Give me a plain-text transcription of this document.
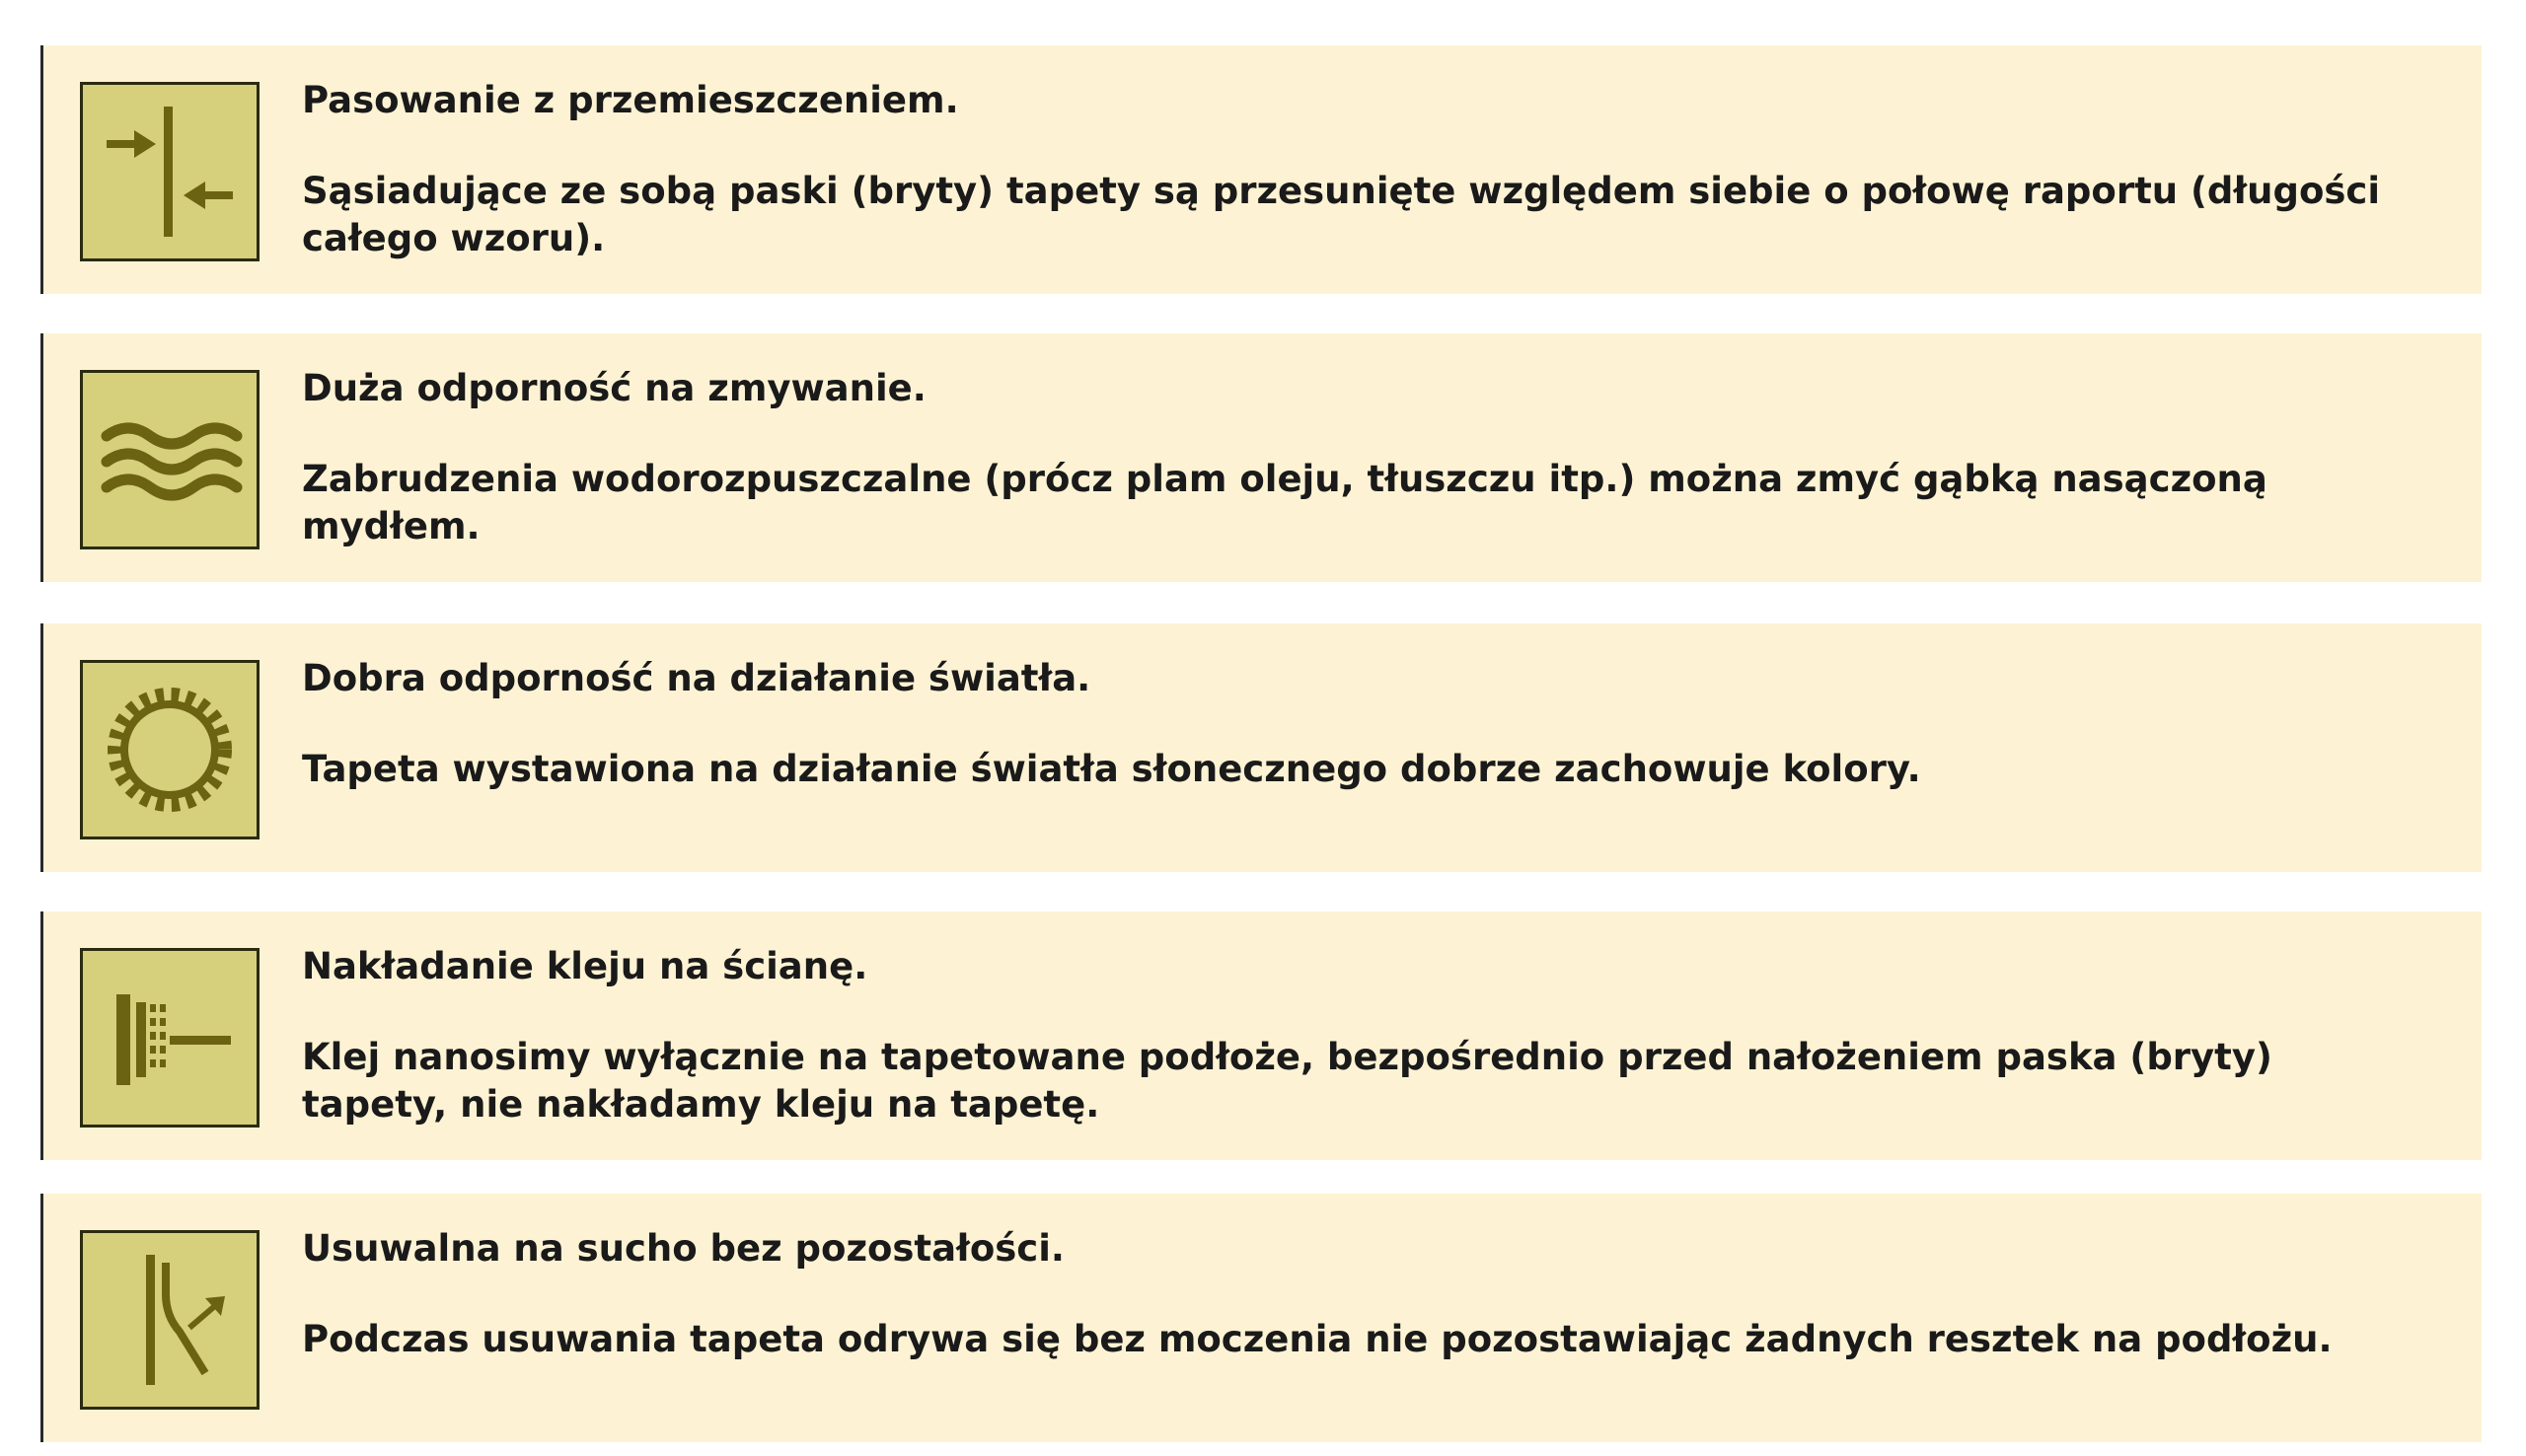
Pasowanie z przemieszczeniem.
Sąsiadujące ze sobą paski (bryty) tapety są przesunięte względem siebie o połowę raportu (długości całego wzoru).
Duża odporność na zmywanie.
Zabrudzenia wodorozpuszczalne (prócz plam oleju, tłuszczu itp.) można zmyć gąbką nasączoną mydłem.
Dobra odporność na działanie światła.
Tapeta wystawiona na działanie światła słonecznego dobrze zachowuje kolory.
Nakładanie kleju na ścianę.
Klej nanosimy wyłącznie na tapetowane podłoże, bezpośrednio przed nałożeniem paska (bryty) tapety, nie nakładamy kleju na tapetę.
Usuwalna na sucho bez pozostałości.
Podczas usuwania tapeta odrywa się bez moczenia nie pozostawiając żadnych resztek na podłożu.
